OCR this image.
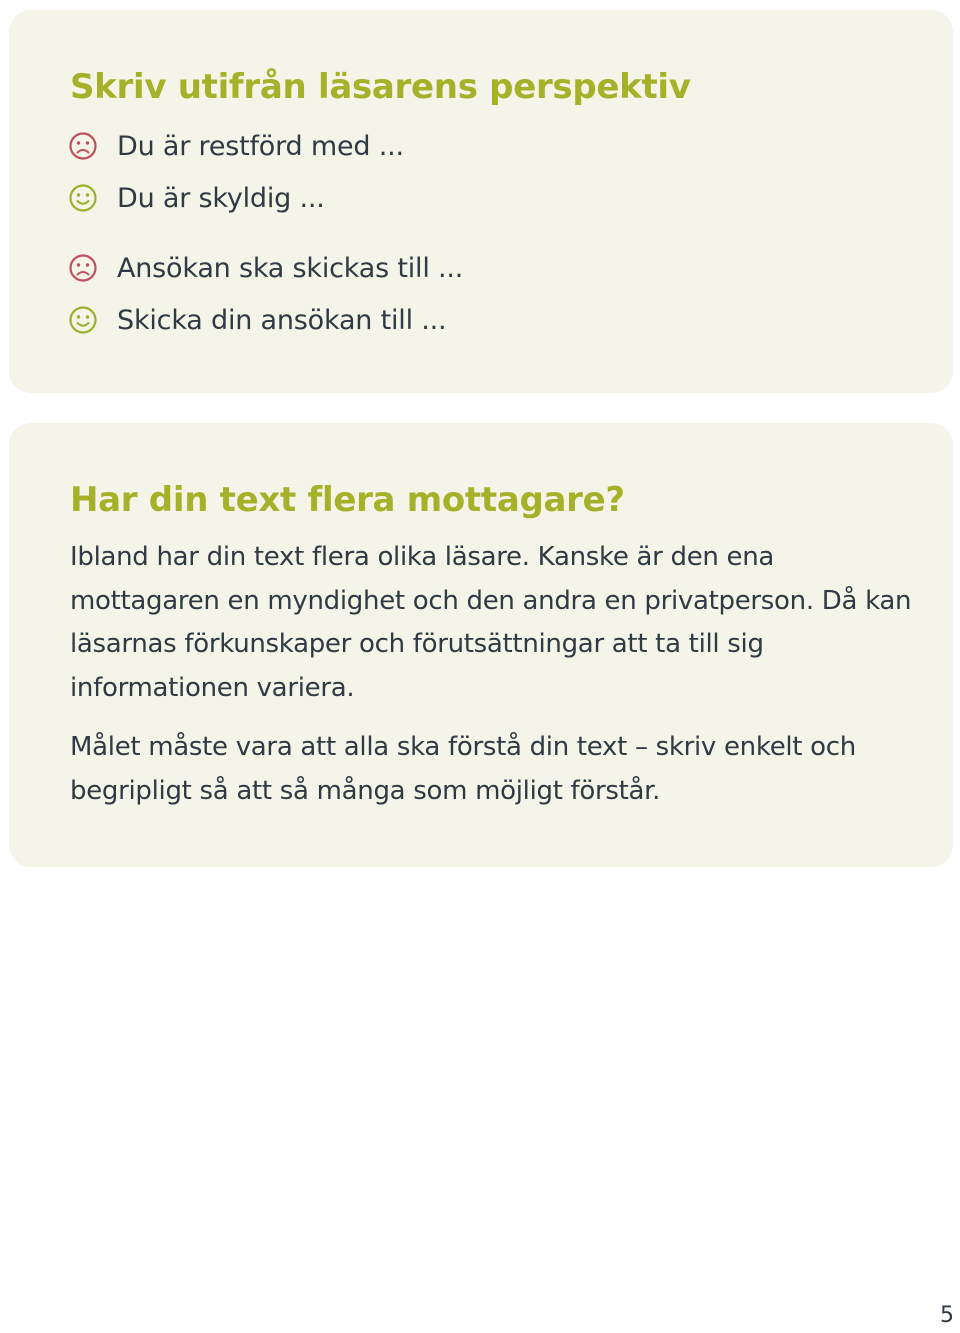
Skriv utifrån läsarens perspektiv
Du är restförd med ...
Du är skyldig ...
Ansökan ska skickas till ...
Skicka din ansökan till ...
Har din text flera mottagare?

Ibland har din text flera olika läsare. Kanske är den ena mottagaren en myndighet och den andra en privatperson. Då kan läsarnas förkunskaper och förutsättningar att ta till sig informationen variera.

Målet måste vara att alla ska förstå din text – skriv enkelt och begripligt så att så många som möjligt förstår.

5
